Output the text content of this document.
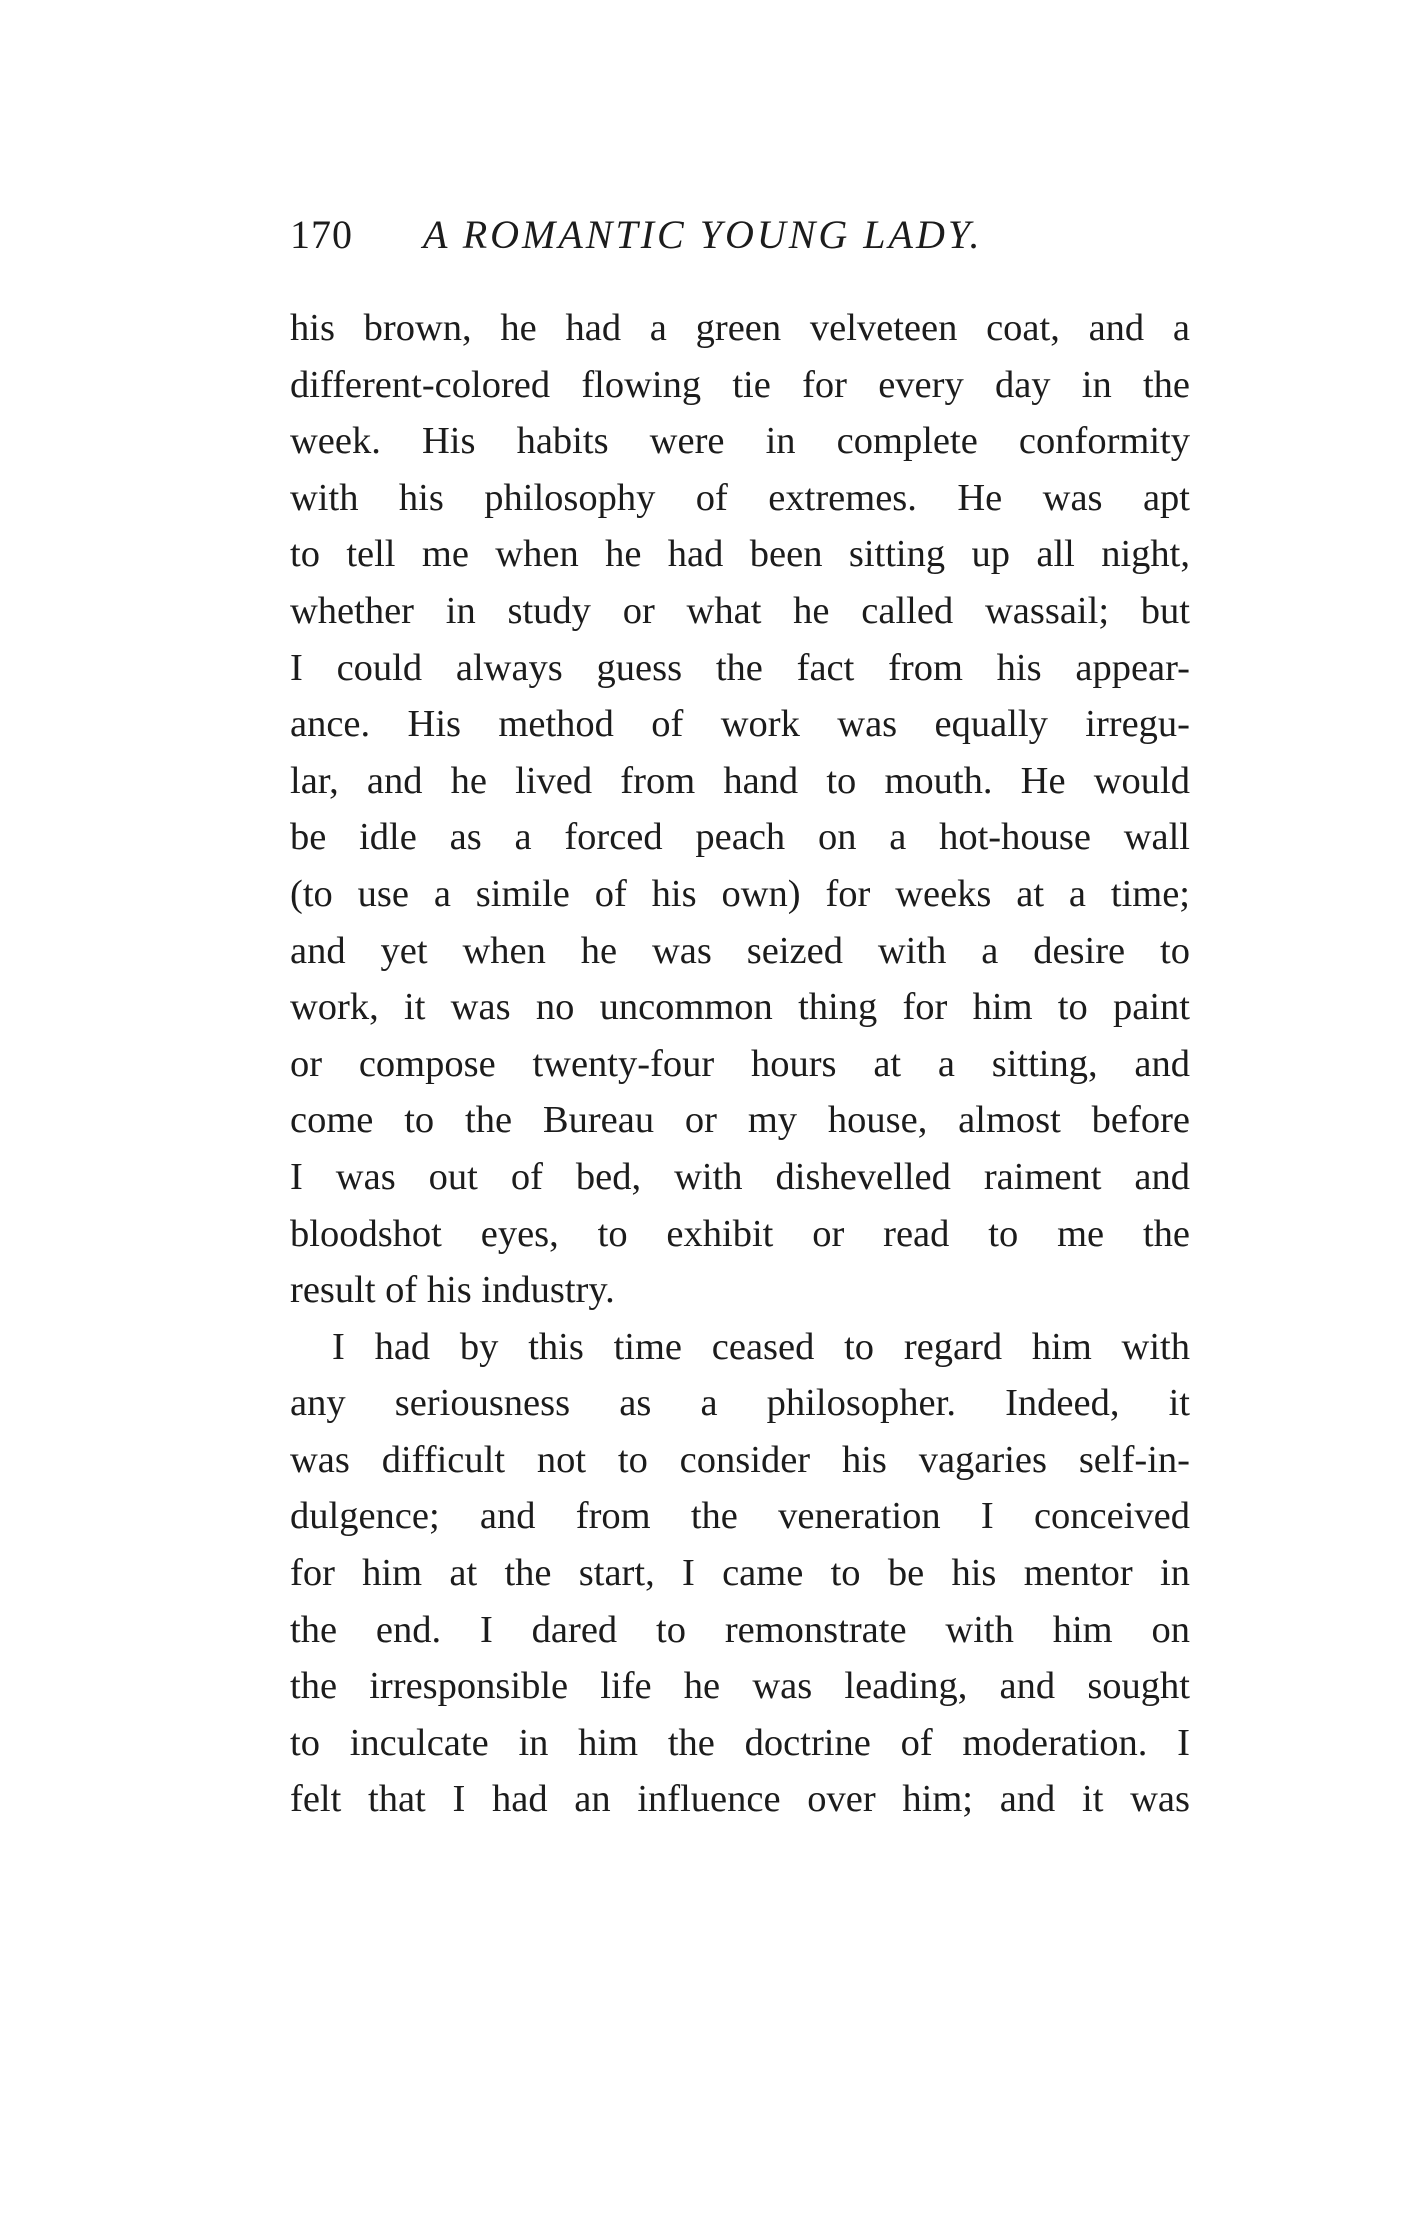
170 A ROMANTIC YOUNG LADY.
his brown, he had a green velveteen coat, and a
different-colored flowing tie for every day in the
week. His habits were in complete conformity
with his philosophy of extremes. He was apt
to tell me when he had been sitting up all night,
whether in study or what he called wassail; but
I could always guess the fact from his appear-
ance. His method of work was equally irregu-
lar, and he lived from hand to mouth. He would
be idle as a forced peach on a hot-house wall
(to use a simile of his own) for weeks at a time;
and yet when he was seized with a desire to
work, it was no uncommon thing for him to paint
or compose twenty-four hours at a sitting, and
come to the Bureau or my house, almost before
I was out of bed, with dishevelled raiment and
bloodshot eyes, to exhibit or read to me the
result of his industry.
I had by this time ceased to regard him with
any seriousness as a philosopher. Indeed, it
was difficult not to consider his vagaries self-in-
dulgence; and from the veneration I conceived
for him at the start, I came to be his mentor in
the end. I dared to remonstrate with him on
the irresponsible life he was leading, and sought
to inculcate in him the doctrine of moderation. I
felt that I had an influence over him; and it was
